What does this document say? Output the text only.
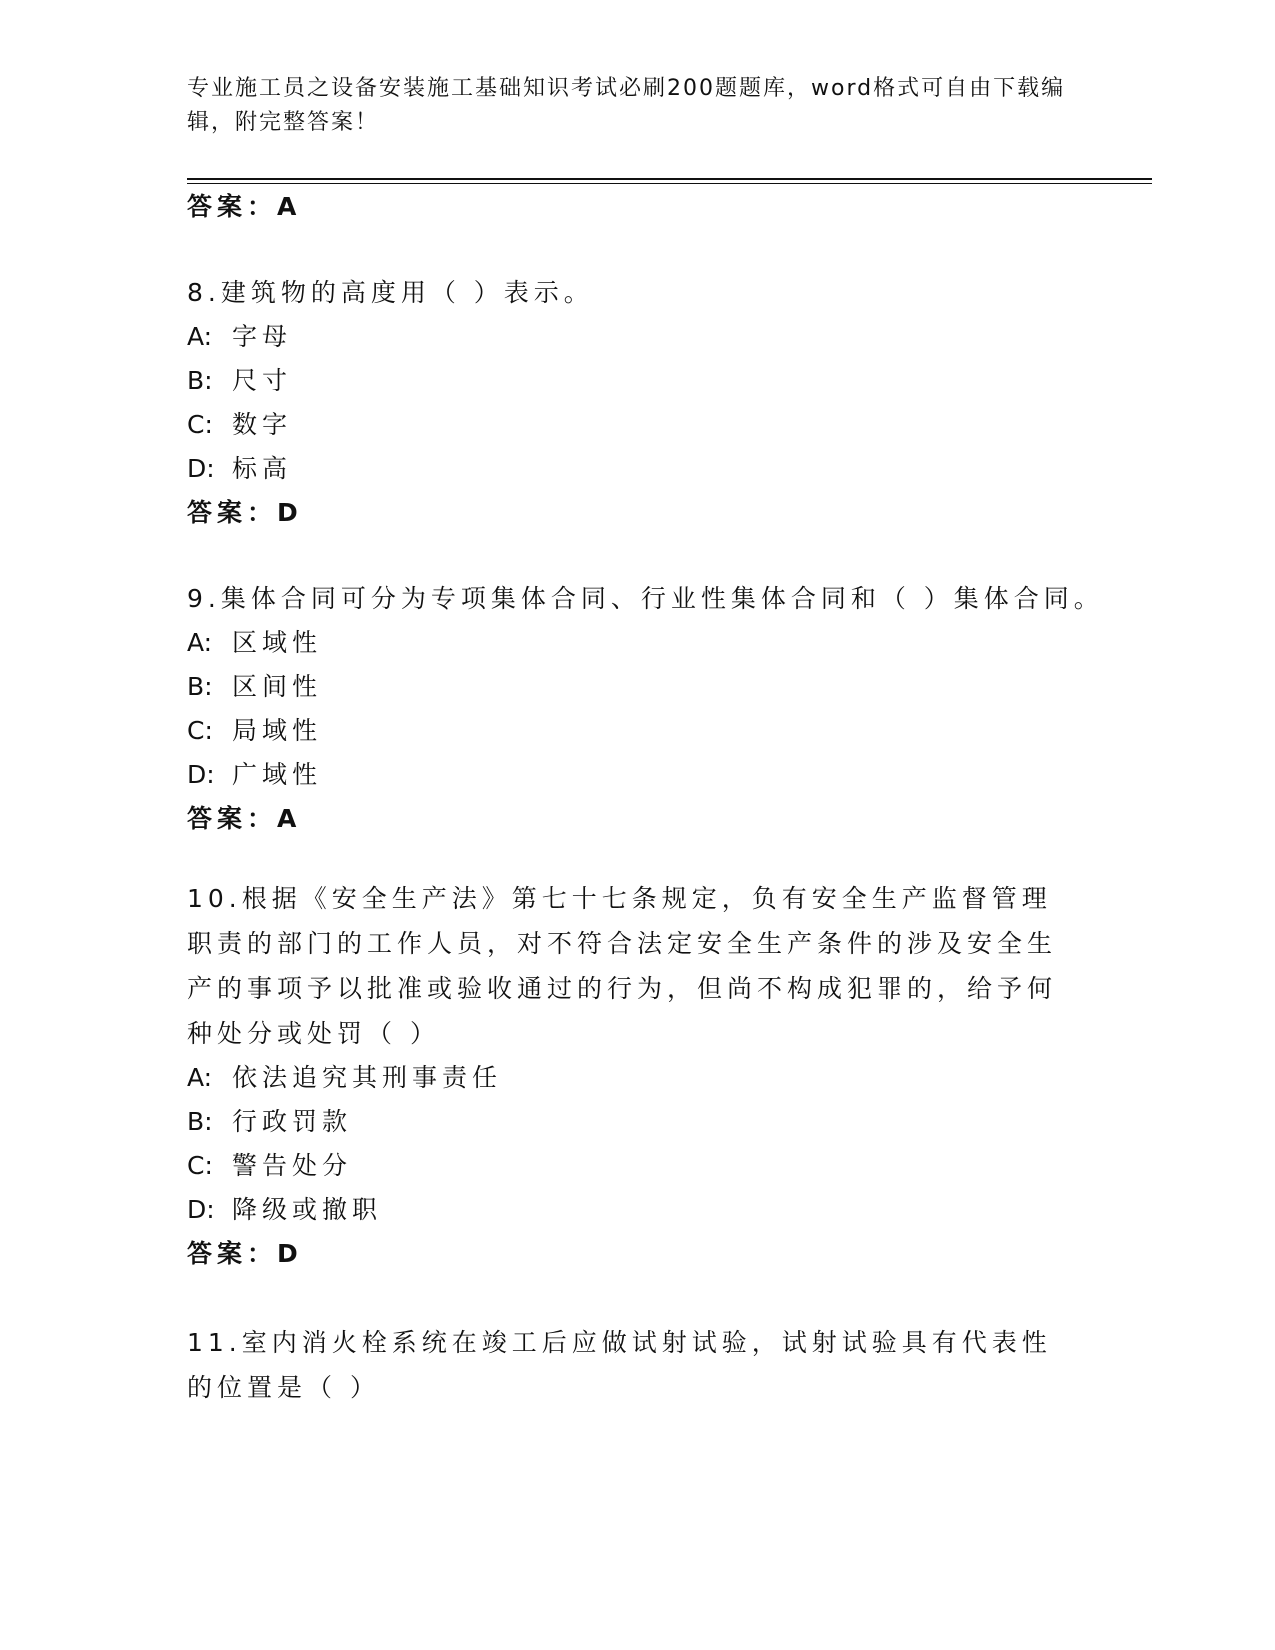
专业施工员之设备安装施工基础知识考试必刷200题题库，word格式可自由下载编辑，附完整答案！
答案：A
8.建筑物的高度用（ ）表示。
A: 字母
B: 尺寸
C: 数字
D: 标高
答案：D
9.集体合同可分为专项集体合同、行业性集体合同和（ ）集体合同。
A: 区域性
B: 区间性
C: 局域性
D: 广域性
答案：A
10.根据《安全生产法》第七十七条规定，负有安全生产监督管理职责的部门的工作人员，对不符合法定安全生产条件的涉及安全生产的事项予以批准或验收通过的行为，但尚不构成犯罪的，给予何种处分或处罚（ ）
A: 依法追究其刑事责任
B: 行政罚款
C: 警告处分
D: 降级或撤职
答案：D
11.室内消火栓系统在竣工后应做试射试验，试射试验具有代表性的位置是（ ）
